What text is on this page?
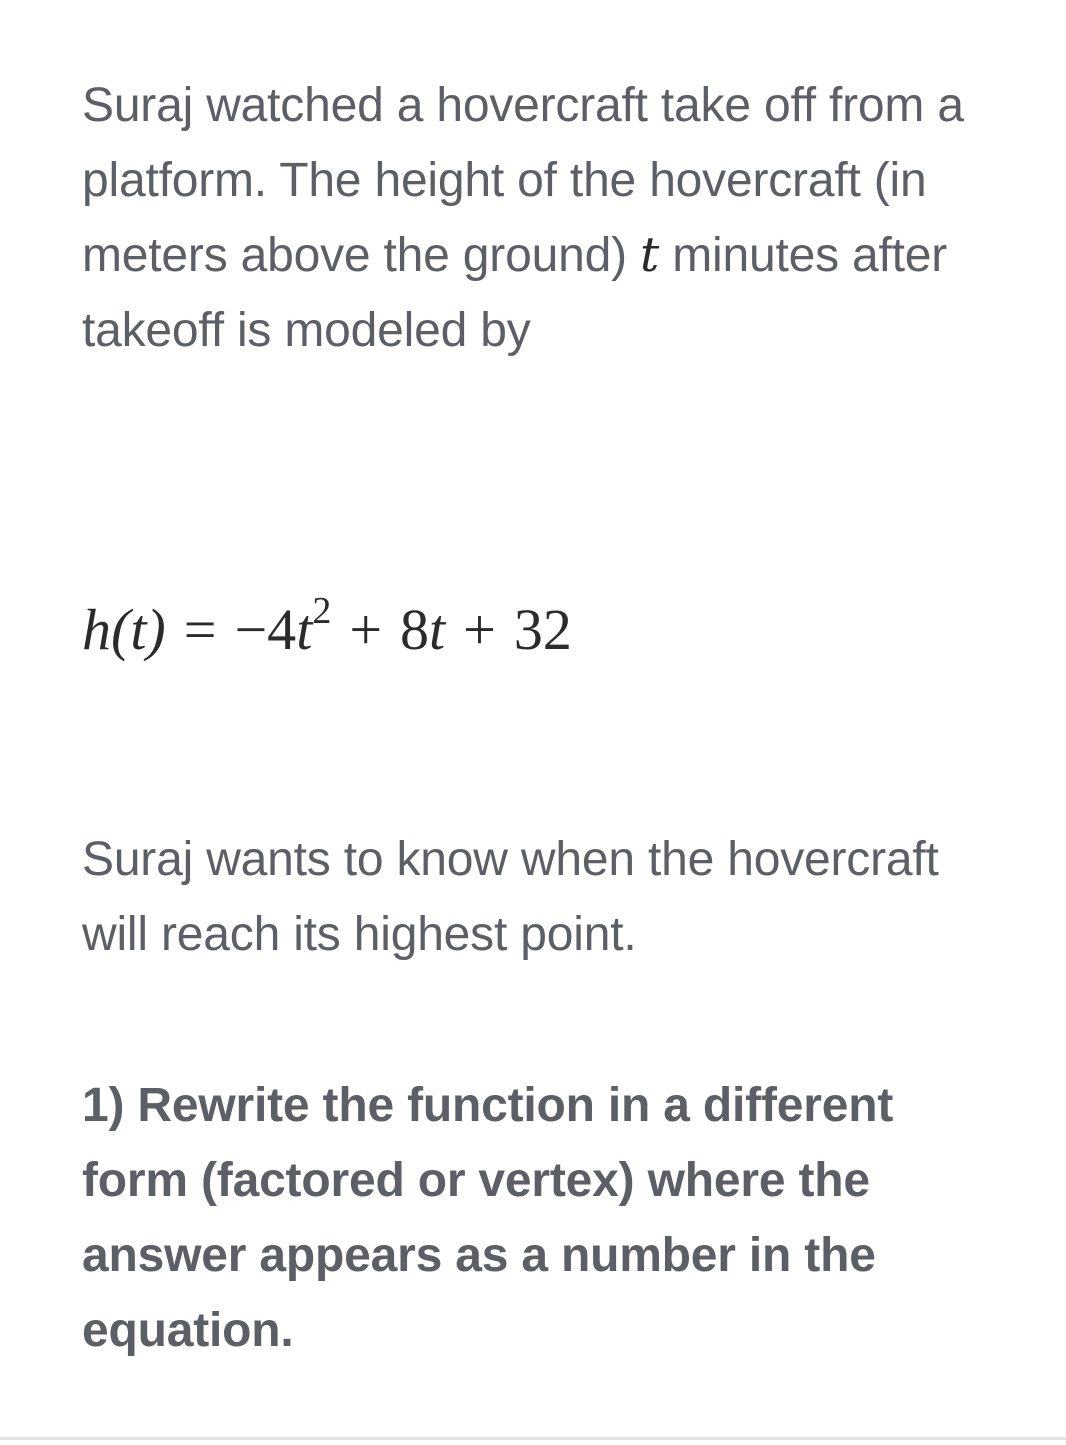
Suraj watched a hovercraft take off from a platform. The height of the hovercraft (in meters above the ground) t minutes after takeoff is modeled by

$h(t) = -4t^2 + 8t + 32$

Suraj wants to know when the hovercraft will reach its highest point.

1) Rewrite the function in a different form (factored or vertex) where the answer appears as a number in the equation.
